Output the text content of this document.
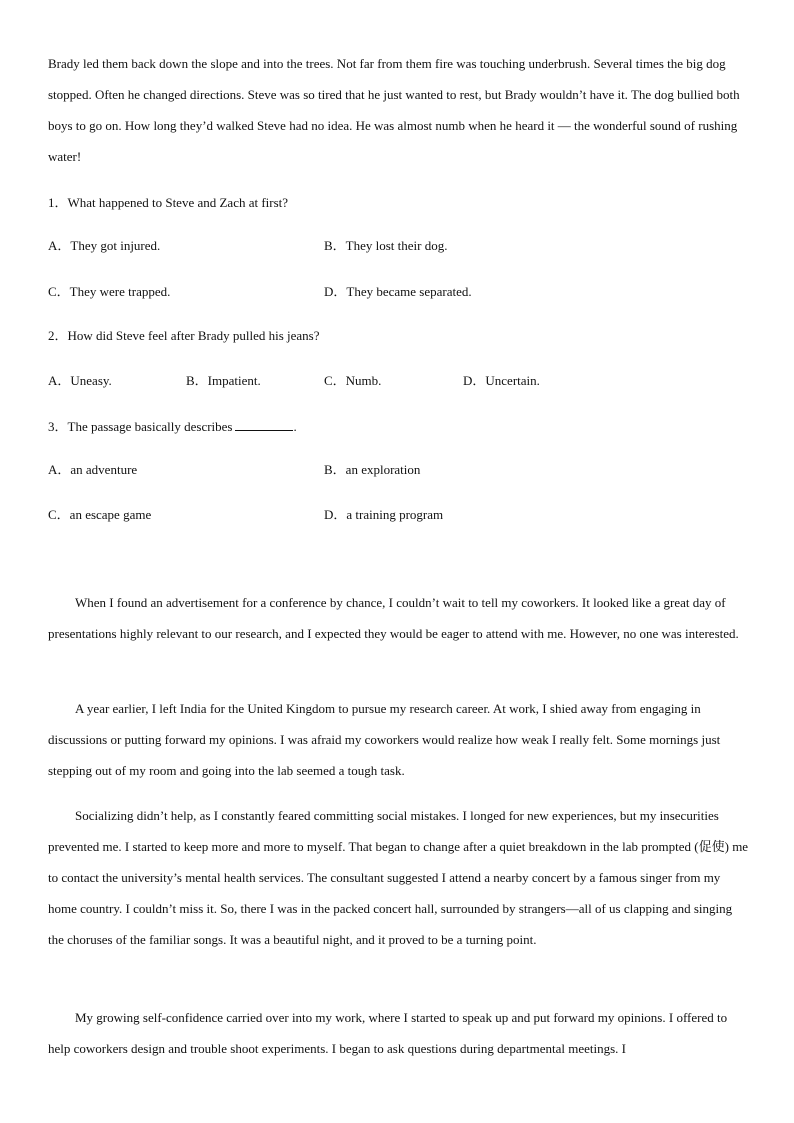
Brady led them back down the slope and into the trees. Not far from them fire was touching underbrush. Several times the big dog stopped. Often he changed directions. Steve was so tired that he just wanted to rest, but Brady wouldn’t have it. The dog bullied both boys to go on. How long they’d walked Steve had no idea. He was almost numb when he heard it — the wonderful sound of rushing water!

1．What happened to Steve and Zach at first?

A．They got injured.	B．They lost their dog.

C．They were trapped.	D．They became separated.

2．How did Steve feel after Brady pulled his jeans?

A．Uneasy.	B．Impatient.	C．Numb.	D．Uncertain.

3．The passage basically describes	.

A．an adventure	B．an exploration

C．an escape game	D．a training program

When I found an advertisement for a conference by chance, I couldn’t wait to tell my coworkers. It looked like a great day of presentations highly relevant to our research, and I expected they would be eager to attend with me. However, no one was interested.

A year earlier, I left India for the United Kingdom to pursue my research career. At work, I shied away from engaging in discussions or putting forward my opinions. I was afraid my coworkers would realize how weak I really felt. Some mornings just stepping out of my room and going into the lab seemed a tough task.

Socializing didn’t help, as I constantly feared committing social mistakes. I longed for new experiences, but my insecurities prevented me. I started to keep more and more to myself. That began to change after a quiet breakdown in the lab prompted (促使) me to contact the university’s mental health services. The consultant suggested I attend a nearby concert by a famous singer from my home country. I couldn’t miss it. So, there I was in the packed concert hall, surrounded by strangers—all of us clapping and singing the choruses of the familiar songs. It was a beautiful night, and it proved to be a turning point.

My growing self-confidence carried over into my work, where I started to speak up and put forward my opinions. I offered to help coworkers design and trouble shoot experiments. I began to ask questions during departmental meetings. I
